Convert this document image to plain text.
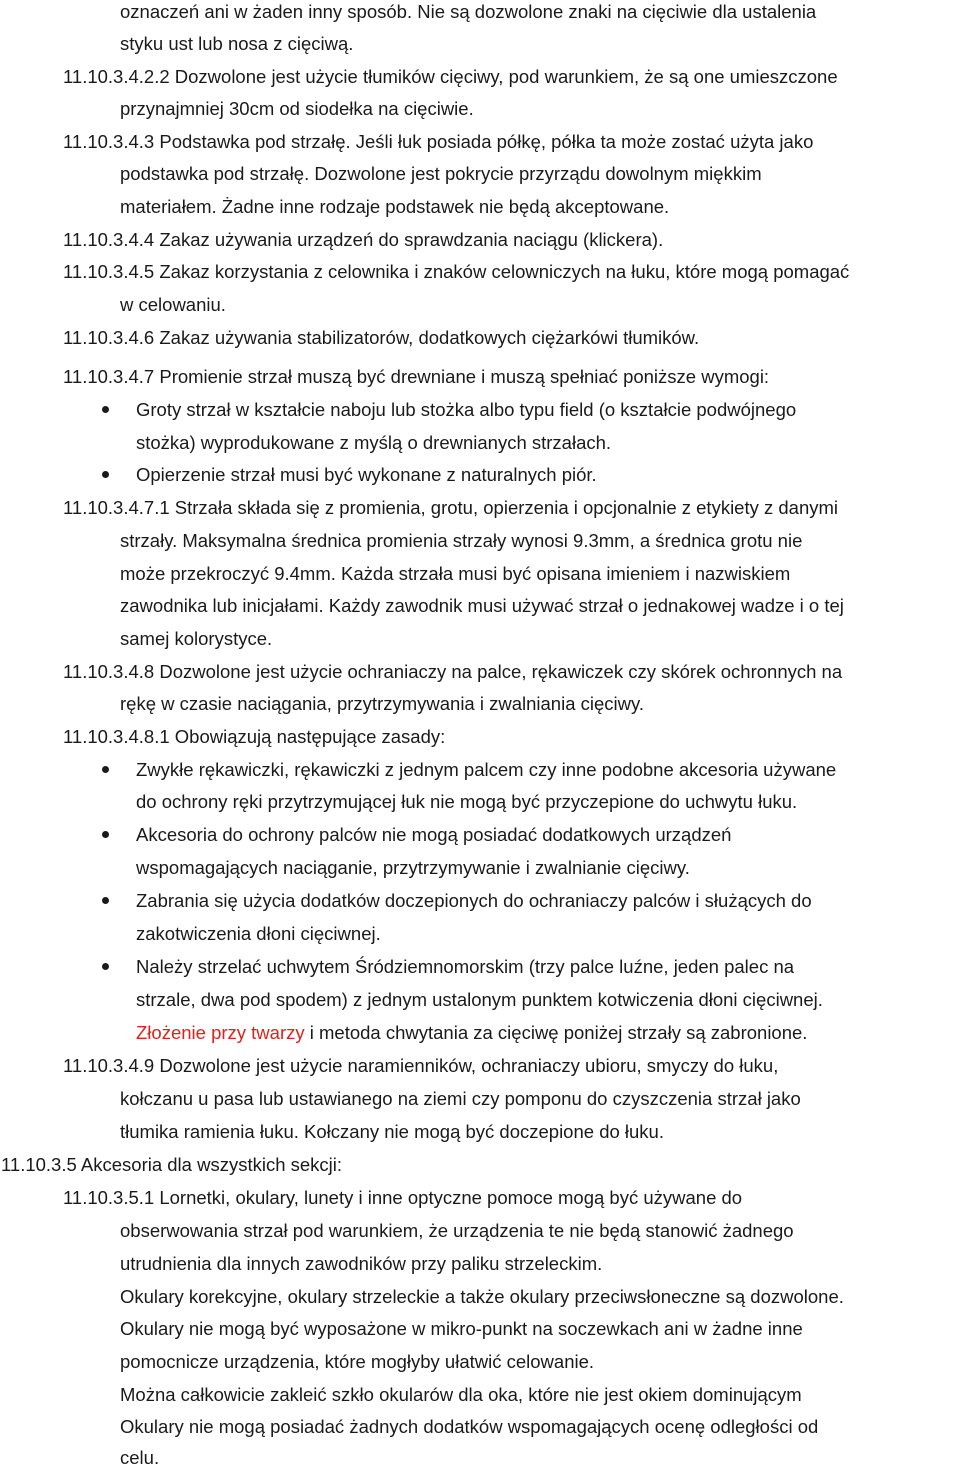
oznaczeń ani w żaden inny sposób. Nie są dozwolone znaki na cięciwie dla ustalenia
styku ust lub nosa z cięciwą.
11.10.3.4.2.2 Dozwolone jest użycie tłumików cięciwy, pod warunkiem, że są one umieszczone
przynajmniej 30cm od siodełka na cięciwie.
11.10.3.4.3 Podstawka pod strzałę. Jeśli łuk posiada półkę, półka ta może zostać użyta jako
podstawka pod strzałę. Dozwolone jest pokrycie przyrządu dowolnym miękkim
materiałem. Żadne inne rodzaje podstawek nie będą akceptowane.
11.10.3.4.4 Zakaz używania urządzeń do sprawdzania naciągu (klickera).
11.10.3.4.5 Zakaz korzystania z celownika i znaków celowniczych na łuku, które mogą pomagać
w celowaniu.
11.10.3.4.6 Zakaz używania stabilizatorów, dodatkowych ciężarkówi tłumików.
11.10.3.4.7 Promienie strzał muszą być drewniane i muszą spełniać poniższe wymogi:
Groty strzał w kształcie naboju lub stożka albo typu field (o kształcie podwójnego
stożka) wyprodukowane z myślą o drewnianych strzałach.
Opierzenie strzał musi być wykonane z naturalnych piór.
11.10.3.4.7.1 Strzała składa się z promienia, grotu, opierzenia i opcjonalnie z etykiety z danymi
strzały. Maksymalna średnica promienia strzały wynosi 9.3mm, a średnica grotu nie
może przekroczyć 9.4mm. Każda strzała musi być opisana imieniem i nazwiskiem
zawodnika lub inicjałami. Każdy zawodnik musi używać strzał o jednakowej wadze i o tej
samej kolorystyce.
11.10.3.4.8 Dozwolone jest użycie ochraniaczy na palce, rękawiczek czy skórek ochronnych na
rękę w czasie naciągania, przytrzymywania i zwalniania cięciwy.
11.10.3.4.8.1 Obowiązują następujące zasady:
Zwykłe rękawiczki, rękawiczki z jednym palcem czy inne podobne akcesoria używane
do ochrony ręki przytrzymującej łuk nie mogą być przyczepione do uchwytu łuku.
Akcesoria do ochrony palców nie mogą posiadać dodatkowych urządzeń
wspomagających naciąganie, przytrzymywanie i zwalnianie cięciwy.
Zabrania się użycia dodatków doczepionych do ochraniaczy palców i służących do
zakotwiczenia dłoni cięciwnej.
Należy strzelać uchwytem Śródziemnomorskim (trzy palce luźne, jeden palec na
strzale, dwa pod spodem) z jednym ustalonym punktem kotwiczenia dłoni cięciwnej.
Złożenie przy twarzy i metoda chwytania za cięciwę poniżej strzały są zabronione.
11.10.3.4.9 Dozwolone jest użycie naramienników, ochraniaczy ubioru, smyczy do łuku,
kołczanu u pasa lub ustawianego na ziemi czy pomponu do czyszczenia strzał jako
tłumika ramienia łuku. Kołczany nie mogą być doczepione do łuku.
11.10.3.5 Akcesoria dla wszystkich sekcji:
11.10.3.5.1 Lornetki, okulary, lunety i inne optyczne pomoce mogą być używane do
obserwowania strzał pod warunkiem, że urządzenia te nie będą stanowić żadnego
utrudnienia dla innych zawodników przy paliku strzeleckim.
Okulary korekcyjne, okulary strzeleckie a także okulary przeciwsłoneczne są dozwolone.
Okulary nie mogą być wyposażone w mikro-punkt na soczewkach ani w żadne inne
pomocnicze urządzenia, które mogłyby ułatwić celowanie.
Można całkowicie zakleić szkło okularów dla oka, które nie jest okiem dominującym
Okulary nie mogą posiadać żadnych dodatków wspomagających ocenę odległości od
celu.
